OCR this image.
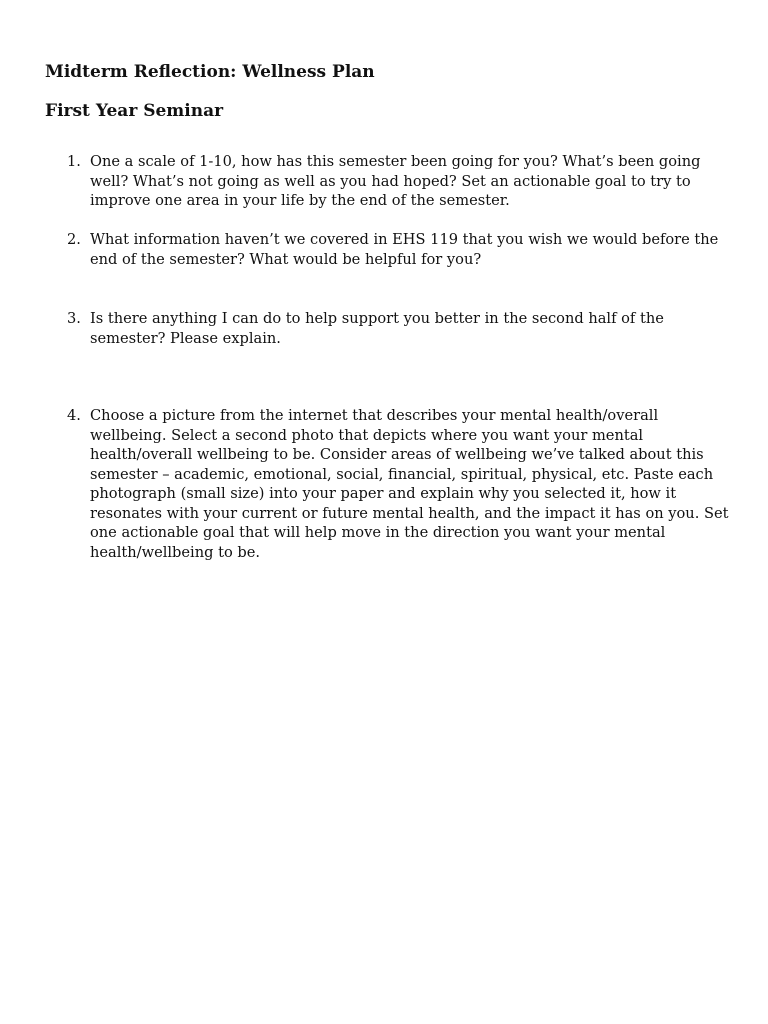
Midterm Reflection: Wellness Plan
First Year Seminar
1. One a scale of 1-10, how has this semester been going for you? What’s been going well? What’s not going as well as you had hoped? Set an actionable goal to try to improve one area in your life by the end of the semester.

2. What information haven’t we covered in EHS 119 that you wish we would before the end of the semester? What would be helpful for you?

3. Is there anything I can do to help support you better in the second half of the semester? Please explain.

4. Choose a picture from the internet that describes your mental health/overall wellbeing. Select a second photo that depicts where you want your mental health/overall wellbeing to be. Consider areas of wellbeing we’ve talked about this semester – academic, emotional, social, financial, spiritual, physical, etc. Paste each photograph (small size) into your paper and explain why you selected it, how it resonates with your current or future mental health, and the impact it has on you. Set one actionable goal that will help move in the direction you want your mental health/wellbeing to be.
